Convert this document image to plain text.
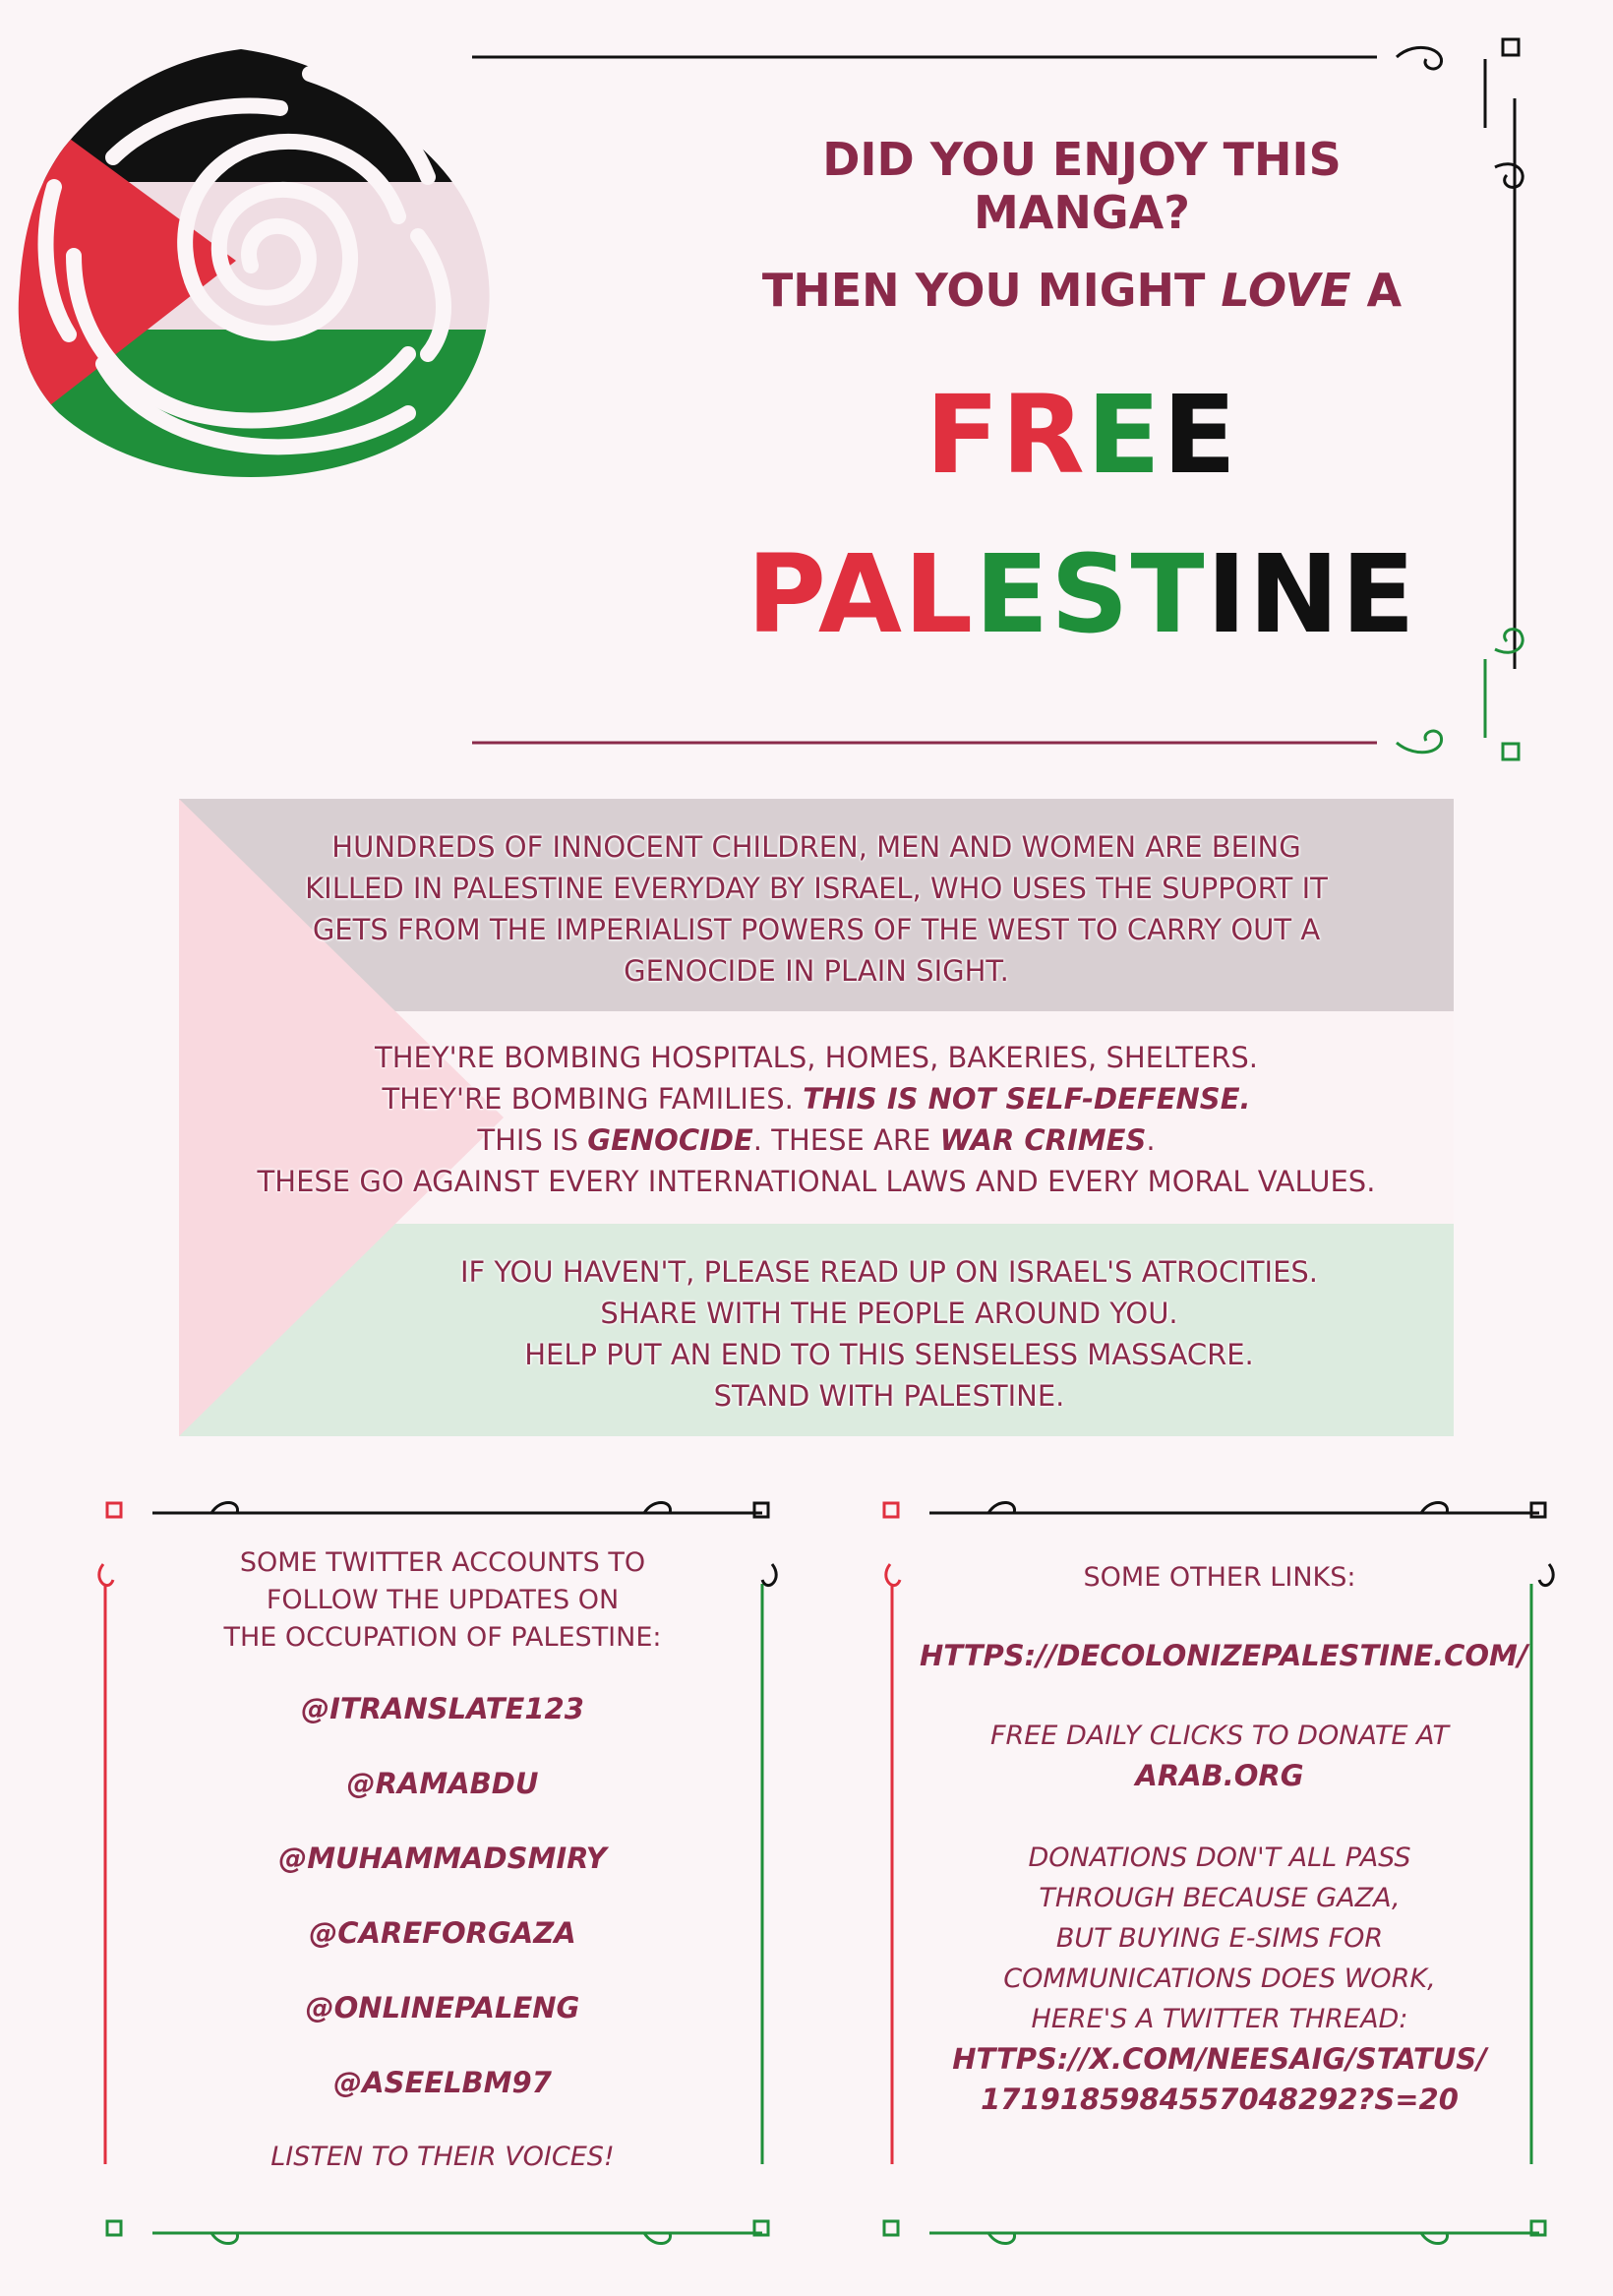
DID YOU ENJOY THIS MANGA?
THEN YOU MIGHT LOVE A
FREE
PALESTINE
HUNDREDS OF INNOCENT CHILDREN, MEN AND WOMEN ARE BEING
KILLED IN PALESTINE EVERYDAY BY ISRAEL, WHO USES THE SUPPORT IT
GETS FROM THE IMPERIALIST POWERS OF THE WEST TO CARRY OUT A
GENOCIDE IN PLAIN SIGHT.
THEY'RE BOMBING HOSPITALS, HOMES, BAKERIES, SHELTERS.
THEY'RE BOMBING FAMILIES. THIS IS NOT SELF-DEFENSE.
THIS IS GENOCIDE. THESE ARE WAR CRIMES.
THESE GO AGAINST EVERY INTERNATIONAL LAWS AND EVERY MORAL VALUES.
IF YOU HAVEN'T, PLEASE READ UP ON ISRAEL'S ATROCITIES.
SHARE WITH THE PEOPLE AROUND YOU.
HELP PUT AN END TO THIS SENSELESS MASSACRE.
STAND WITH PALESTINE.
SOME TWITTER ACCOUNTS TO
FOLLOW THE UPDATES ON
THE OCCUPATION OF PALESTINE:
@ITRANSLATE123
@RAMABDU
@MUHAMMADSMIRY
@CAREFORGAZA
@ONLINEPALENG
@ASEELBM97
LISTEN TO THEIR VOICES!
SOME OTHER LINKS:
HTTPS://DECOLONIZEPALESTINE.COM/
FREE DAILY CLICKS TO DONATE AT
ARAB.ORG
DONATIONS DON'T ALL PASS
THROUGH BECAUSE GAZA,
BUT BUYING E-SIMS FOR
COMMUNICATIONS DOES WORK,
HERE'S A TWITTER THREAD:
HTTPS://X.COM/NEESAIG/STATUS/
1719185984557048292?S=20
